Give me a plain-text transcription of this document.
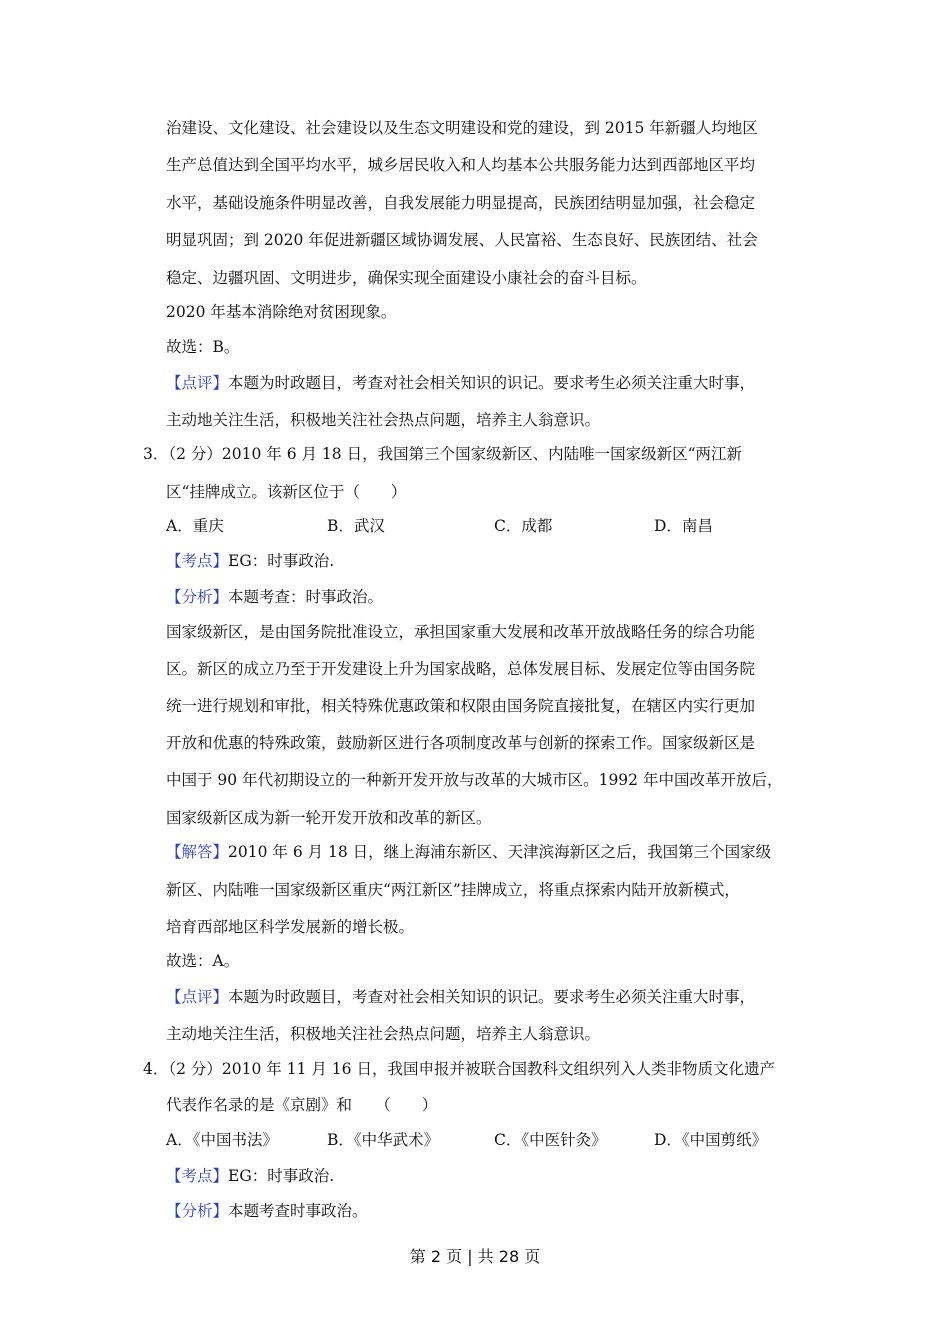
治建设、文化建设、社会建设以及生态文明建设和党的建设，到 2015 年新疆人均地区
生产总值达到全国平均水平，城乡居民收入和人均基本公共服务能力达到西部地区平均
水平，基础设施条件明显改善，自我发展能力明显提高，民族团结明显加强，社会稳定
明显巩固；到 2020 年促进新疆区域协调发展、人民富裕、生态良好、民族团结、社会
稳定、边疆巩固、文明进步，确保实现全面建设小康社会的奋斗目标。
2020 年基本消除绝对贫困现象。
故选：B。
【点评】本题为时政题目，考查对社会相关知识的识记。要求考生必须关注重大时事，
主动地关注生活，积极地关注社会热点问题，培养主人翁意识。
3．（2 分）2010 年 6 月 18 日，我国第三个国家级新区、内陆唯一国家级新区“两江新
区“挂牌成立。该新区位于（　　）
A．重庆	B．武汉	C．成都	D．南昌
【考点】EG：时事政治.
【分析】本题考查：时事政治。
国家级新区，是由国务院批准设立，承担国家重大发展和改革开放战略任务的综合功能
区。新区的成立乃至于开发建设上升为国家战略，总体发展目标、发展定位等由国务院
统一进行规划和审批，相关特殊优惠政策和权限由国务院直接批复，在辖区内实行更加
开放和优惠的特殊政策，鼓励新区进行各项制度改革与创新的探索工作。国家级新区是
中国于 90 年代初期设立的一种新开发开放与改革的大城市区。1992 年中国改革开放后，
国家级新区成为新一轮开发开放和改革的新区。
【解答】2010 年 6 月 18 日，继上海浦东新区、天津滨海新区之后，我国第三个国家级
新区、内陆唯一国家级新区重庆“两江新区”挂牌成立，将重点探索内陆开放新模式，
培育西部地区科学发展新的增长极。
故选：A。
【点评】本题为时政题目，考查对社会相关知识的识记。要求考生必须关注重大时事，
主动地关注生活，积极地关注社会热点问题，培养主人翁意识。
4．（2 分）2010 年 11 月 16 日，我国申报并被联合国教科文组织列入人类非物质文化遗产
代表作名录的是《京剧》和　　（　　）
A．《中国书法》	B．《中华武术》	C．《中医针灸》	D．《中国剪纸》
【考点】EG：时事政治.
【分析】本题考查时事政治。
第 2 页 | 共 28 页
